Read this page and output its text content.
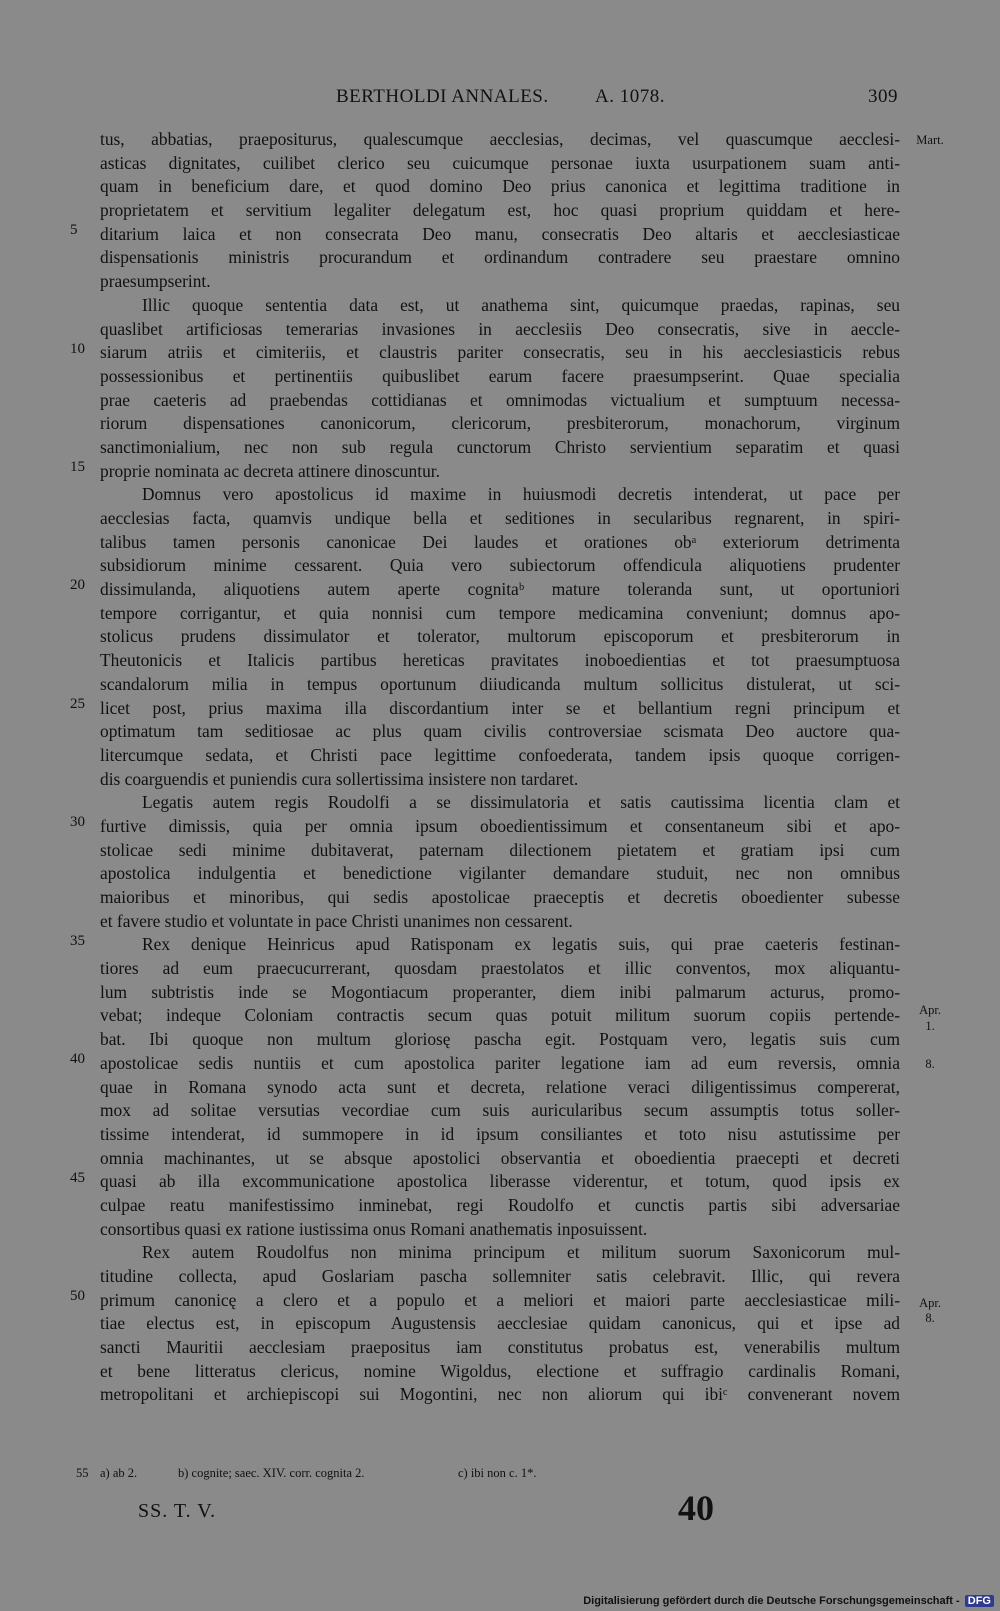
BERTHOLDI ANNALES. A. 1078.	309
tus, abbatias, praepositurus, qualescumque aecclesias, decimas, vel quascumque aecclesi-
asticas dignitates, cuilibet clerico seu cuicumque personae iuxta usurpationem suam anti-
quam in beneficium dare, et quod domino Deo prius canonica et legittima traditione in
proprietatem et servitium legaliter delegatum est, hoc quasi proprium quiddam et here-
ditarium laica et non consecrata Deo manu, consecratis Deo altaris et aecclesiasticae
dispensationis ministris procurandum et ordinandum contradere seu praestare omnino
praesumpserint.
Illic quoque sententia data est, ut anathema sint, quicumque praedas, rapinas, seu
quaslibet artificiosas temerarias invasiones in aecclesiis Deo consecratis, sive in aeccle-
siarum atriis et cimiteriis, et claustris pariter consecratis, seu in his aecclesiasticis rebus
possessionibus et pertinentiis quibuslibet earum facere praesumpserint. Quae specialia
prae caeteris ad praebendas cottidianas et omnimodas victualium et sumptuum necessa-
riorum dispensationes canonicorum, clericorum, presbiterorum, monachorum, virginum
sanctimonialium, nec non sub regula cunctorum Christo servientium separatim et quasi
proprie nominata ac decreta attinere dinoscuntur.
Domnus vero apostolicus id maxime in huiusmodi decretis intenderat, ut pace per
aecclesias facta, quamvis undique bella et seditiones in secularibus regnarent, in spiri-
talibus tamen personis canonicae Dei laudes et orationes obᵃ exteriorum detrimenta
subsidiorum minime cessarent. Quia vero subiectorum offendicula aliquotiens prudenter
dissimulanda, aliquotiens autem aperte cognitaᵇ mature toleranda sunt, ut oportuniori
tempore corrigantur, et quia nonnisi cum tempore medicamina conveniunt; domnus apo-
stolicus prudens dissimulator et tolerator, multorum episcoporum et presbiterorum in
Theutonicis et Italicis partibus hereticas pravitates inoboedientias et tot praesumptuosa
scandalorum milia in tempus oportunum diiudicanda multum sollicitus distulerat, ut sci-
licet post, prius maxima illa discordantium inter se et bellantium regni principum et
optimatum tam seditiosae ac plus quam civilis controversiae scismata Deo auctore qua-
litercumque sedata, et Christi pace legittime confoederata, tandem ipsis quoque corrigen-
dis coarguendis et puniendis cura sollertissima insistere non tardaret.
Legatis autem regis Roudolfi a se dissimulatoria et satis cautissima licentia clam et
furtive dimissis, quia per omnia ipsum oboedientissimum et consentaneum sibi et apo-
stolicae sedi minime dubitaverat, paternam dilectionem pietatem et gratiam ipsi cum
apostolica indulgentia et benedictione vigilanter demandare studuit, nec non omnibus
maioribus et minoribus, qui sedis apostolicae praeceptis et decretis oboedienter subesse
et favere studio et voluntate in pace Christi unanimes non cessarent.
Rex denique Heinricus apud Ratisponam ex legatis suis, qui prae caeteris festinan-
tiores ad eum praecucurrerant, quosdam praestolatos et illic conventos, mox aliquantu-
lum subtristis inde se Mogontiacum properanter, diem inibi palmarum acturus, promo-
vebat; indeque Coloniam contractis secum quas potuit militum suorum copiis pertende-
bat. Ibi quoque non multum gloriosę pascha egit. Postquam vero, legatis suis cum
apostolicae sedis nuntiis et cum apostolica pariter legatione iam ad eum reversis, omnia
quae in Romana synodo acta sunt et decreta, relatione veraci diligentissimus compererat,
mox ad solitae versutias vecordiae cum suis auricularibus secum assumptis totus soller-
tissime intenderat, id summopere in id ipsum consiliantes et toto nisu astutissime per
omnia machinantes, ut se absque apostolici observantia et oboedientia praecepti et decreti
quasi ab illa excommunicatione apostolica liberasse viderentur, et totum, quod ipsis ex
culpae reatu manifestissimo inminebat, regi Roudolfo et cunctis partis sibi adversariae
consortibus quasi ex ratione iustissima onus Romani anathematis inposuissent.
Rex autem Roudolfus non minima principum et militum suorum Saxonicorum mul-
titudine collecta, apud Goslariam pascha sollemniter satis celebravit. Illic, qui revera
primum canonicę a clero et a populo et a meliori et maiori parte aecclesiasticae mili-
tiae electus est, in episcopum Augustensis aecclesiae quidam canonicus, qui et ipse ad
sancti Mauritii aecclesiam praepositus iam constitutus probatus est, venerabilis multum
et bene litteratus clericus, nomine Wigoldus, electione et suffragio cardinalis Romani,
metropolitani et archiepiscopi sui Mogontini, nec non aliorum qui ibiᶜ convenerant novem
5
10
15
20
25
30
35
40
45
50
Mart.
Apr.
1.
8.
Apr.
8.
55 a) ab 2.	b) cognite; saec. XIV. corr. cognita 2.	c) ibi non c. 1*.
SS. T. V.	40
Digitalisierung gefördert durch die Deutsche Forschungsgemeinschaft - DFG
